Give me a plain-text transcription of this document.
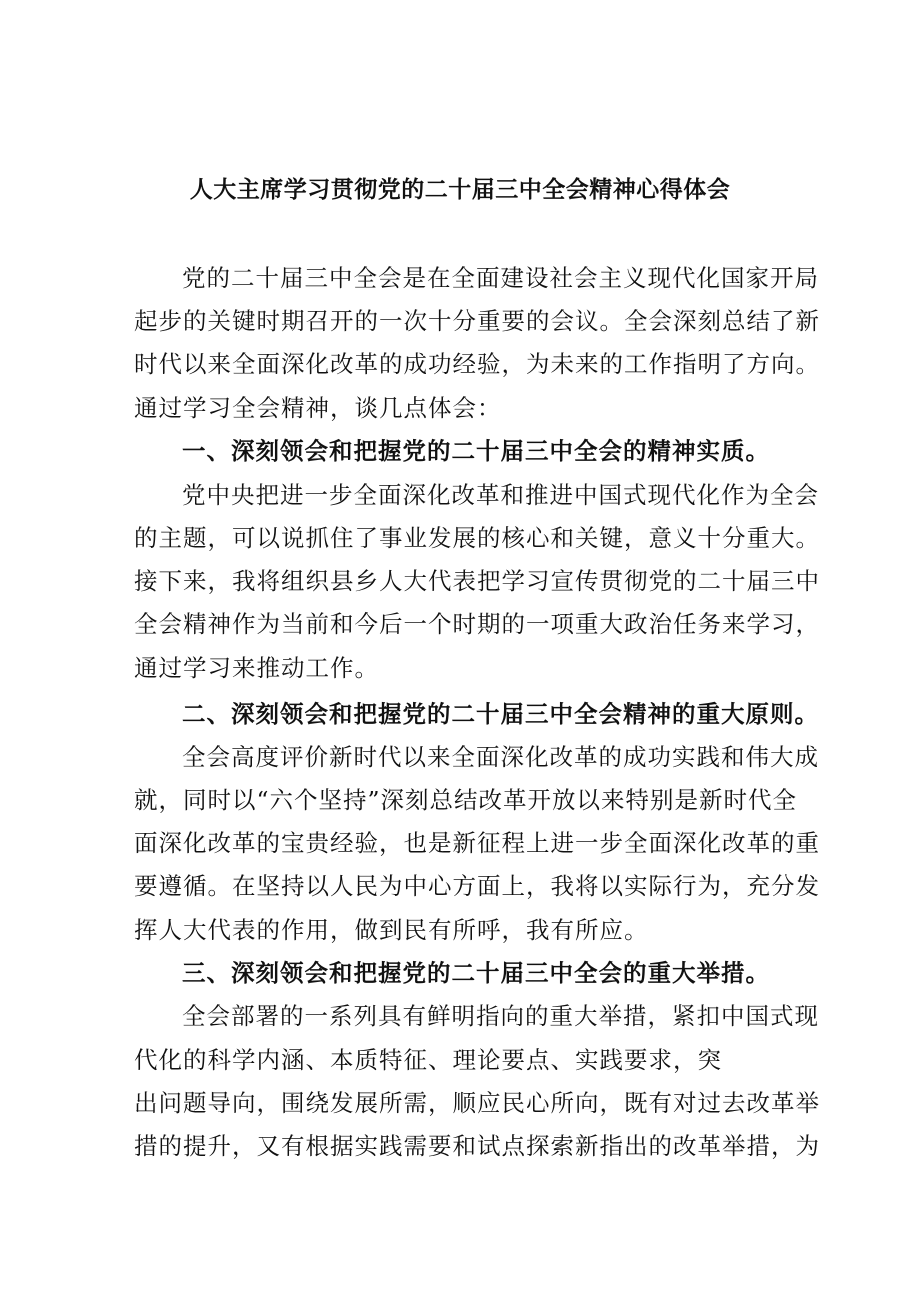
人大主席学习贯彻党的二十届三中全会精神心得体会
党的二十届三中全会是在全面建设社会主义现代化国家开局
起步的关键时期召开的一次十分重要的会议。全会深刻总结了新
时代以来全面深化改革的成功经验，为未来的工作指明了方向。
通过学习全会精神，谈几点体会：
一、深刻领会和把握党的二十届三中全会的精神实质。
党中央把进一步全面深化改革和推进中国式现代化作为全会
的主题，可以说抓住了事业发展的核心和关键，意义十分重大。
接下来，我将组织县乡人大代表把学习宣传贯彻党的二十届三中
全会精神作为当前和今后一个时期的一项重大政治任务来学习，
通过学习来推动工作。
二、深刻领会和把握党的二十届三中全会精神的重大原则。
全会高度评价新时代以来全面深化改革的成功实践和伟大成
就，同时以“六个坚持”深刻总结改革开放以来特别是新时代全
面深化改革的宝贵经验，也是新征程上进一步全面深化改革的重
要遵循。在坚持以人民为中心方面上，我将以实际行为，充分发
挥人大代表的作用，做到民有所呼，我有所应。
三、深刻领会和把握党的二十届三中全会的重大举措。
全会部署的一系列具有鲜明指向的重大举措，紧扣中国式现
代化的科学内涵、本质特征、理论要点、实践要求，突
出问题导向，围绕发展所需，顺应民心所向，既有对过去改革举
措的提升，又有根据实践需要和试点探索新指出的改革举措，为
